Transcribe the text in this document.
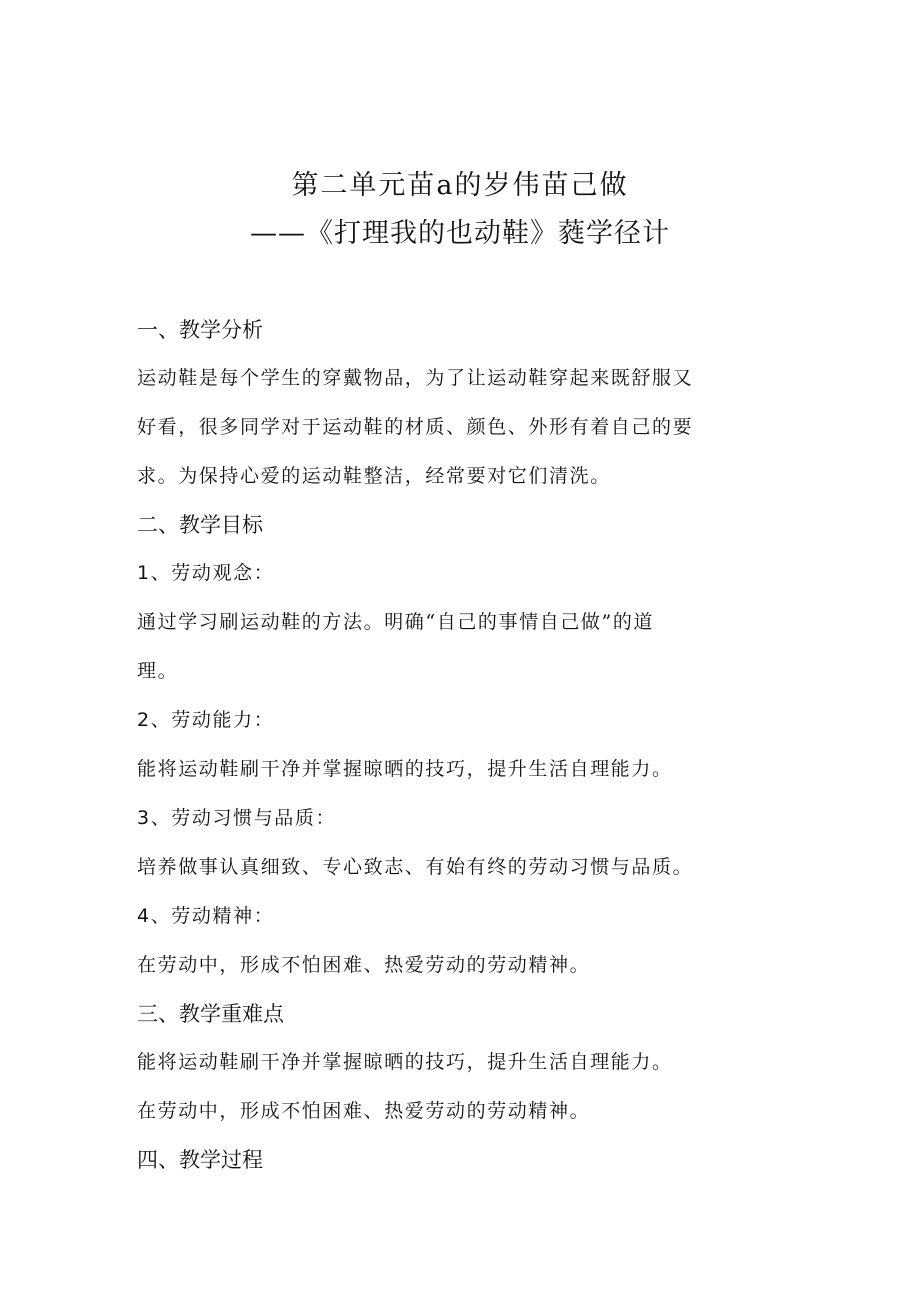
第二单元苗a的岁伟苗己做
——《打理我的也动鞋》蕤学径计
一、教学分析
运动鞋是每个学生的穿戴物品，为了让运动鞋穿起来既舒服又
好看，很多同学对于运动鞋的材质、颜色、外形有着自己的要
求。为保持心爱的运动鞋整洁，经常要对它们清洗。
二、教学目标
1、劳动观念：
通过学习刷运动鞋的方法。明确“自己的事情自己做”的道
理。
2、劳动能力：
能将运动鞋刷干净并掌握晾晒的技巧，提升生活自理能力。
3、劳动习惯与品质：
培养做事认真细致、专心致志、有始有终的劳动习惯与品质。
4、劳动精神：
在劳动中，形成不怕困难、热爱劳动的劳动精神。
三、教学重难点
能将运动鞋刷干净并掌握晾晒的技巧，提升生活自理能力。
在劳动中，形成不怕困难、热爱劳动的劳动精神。
四、教学过程
